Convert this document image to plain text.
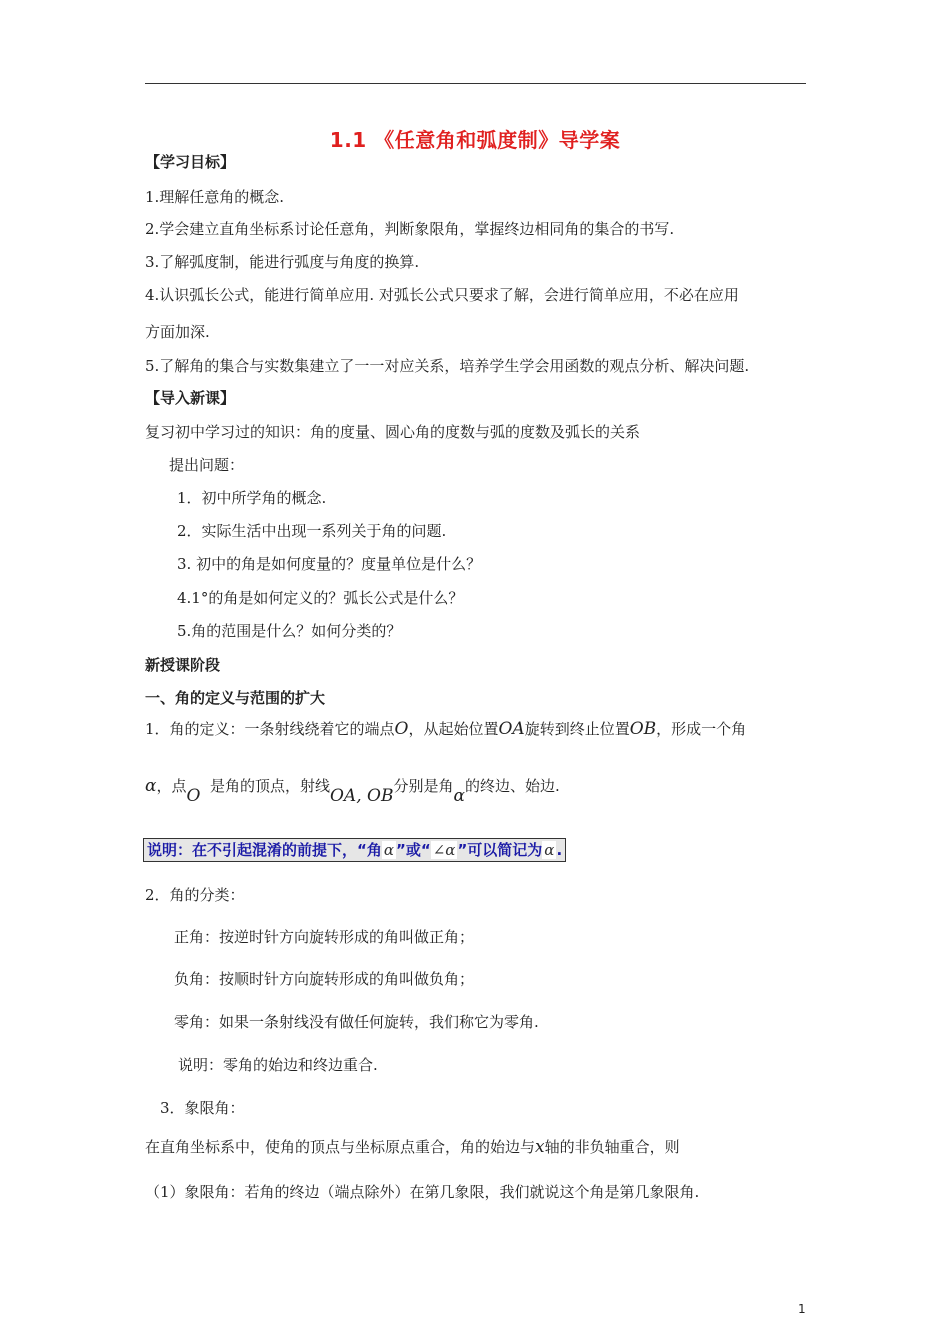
1.1 《任意角和弧度制》导学案
【学习目标】
1.理解任意角的概念.
2.学会建立直角坐标系讨论任意角，判断象限角，掌握终边相同角的集合的书写.
3.了解弧度制，能进行弧度与角度的换算.
4.认识弧长公式，能进行简单应用. 对弧长公式只要求了解，会进行简单应用，不必在应用
方面加深.
5.了解角的集合与实数集建立了一一对应关系，培养学生学会用函数的观点分析、解决问题.
【导入新课】
复习初中学习过的知识：角的度量、圆心角的度数与弧的度数及弧长的关系
提出问题：
1．初中所学角的概念.
2．实际生活中出现一系列关于角的问题.
3. 初中的角是如何度量的？度量单位是什么？
4.1°的角是如何定义的？弧长公式是什么？
5.角的范围是什么？如何分类的？
新授课阶段
一、角的定义与范围的扩大
1．角的定义：一条射线绕着它的端点O，从起始位置OA旋转到终止位置OB，形成一个角
α，点O 是角的顶点，射线OA, OB分别是角α的终边、始边.
说明：在不引起混淆的前提下，“角 α ”或“ ∠α ”可以简记为 α .
2．角的分类：
正角：按逆时针方向旋转形成的角叫做正角；
负角：按顺时针方向旋转形成的角叫做负角；
零角：如果一条射线没有做任何旋转，我们称它为零角.
说明：零角的始边和终边重合.
3．象限角：
在直角坐标系中，使角的顶点与坐标原点重合，角的始边与x轴的非负轴重合，则
（1）象限角：若角的终边（端点除外）在第几象限，我们就说这个角是第几象限角.
1
